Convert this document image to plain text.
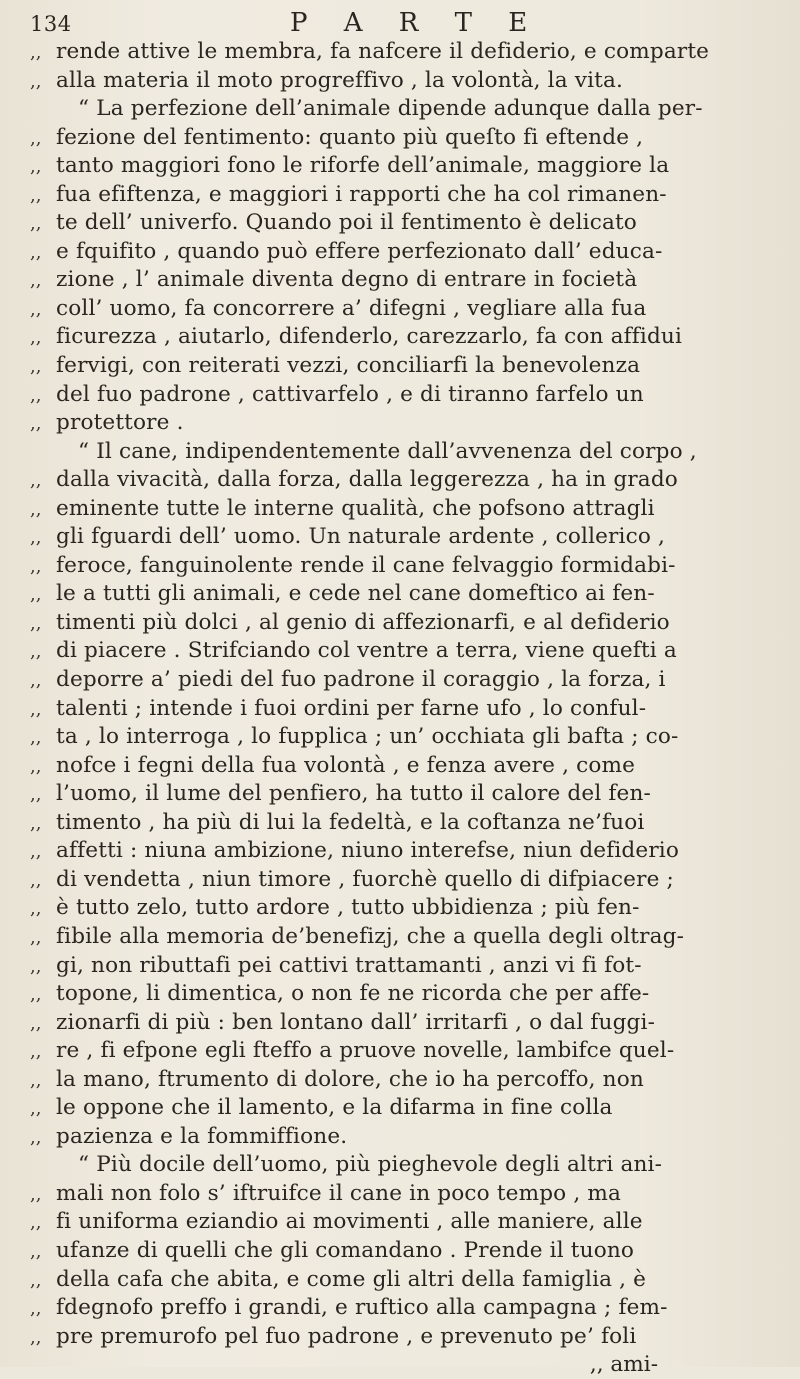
134	P A R T E
,, rende attive le membra, fa nafcere il defiderio, e comparte
,, alla materia il moto progreffivo , la volontà, la vita.
“ La perfezione dell’animale dipende adunque dalla per-
,, fezione del fentimento: quanto più queſto fi eftende ,
,, tanto maggiori fono le riforfe dell’animale, maggiore la
,, fua efiftenza, e maggiori i rapporti che ha col rimanen-
,, te dell’ univerfo. Quando poi il fentimento è delicato
,, e fquifito , quando può effere perfezionato dall’ educa-
,, zione , l’ animale diventa degno di entrare in focietà
,, coll’ uomo, fa concorrere a’ difegni , vegliare alla fua
,, ficurezza , aiutarlo, difenderlo, carezzarlo, fa con affidui
,, fervigi, con reiterati vezzi, conciliarfi la benevolenza
,, del fuo padrone , cattivarfelo , e di tiranno farfelo un
,, protettore .
“ Il cane, indipendentemente dall’avvenenza del corpo ,
,, dalla vivacità, dalla forza, dalla leggerezza , ha in grado
,, eminente tutte le interne qualità, che pofsono attragli
,, gli fguardi dell’ uomo. Un naturale ardente , collerico ,
,, feroce, fanguinolente rende il cane felvaggio formidabi-
,, le a tutti gli animali, e cede nel cane domeftico ai fen-
,, timenti più dolci , al genio di affezionarfi, e al defiderio
,, di piacere . Strifciando col ventre a terra, viene quefti a
,, deporre a’ piedi del fuo padrone il coraggio , la forza, i
,, talenti ; intende i fuoi ordini per farne ufo , lo conful-
,, ta , lo interroga , lo fupplica ; un’ occhiata gli bafta ; co-
,, nofce i fegni della fua volontà , e fenza avere , come
,, l’uomo, il lume del penfiero, ha tutto il calore del fen-
,, timento , ha più di lui la fedeltà, e la coftanza ne’fuoi
,, affetti : niuna ambizione, niuno interefse, niun defiderio
,, di vendetta , niun timore , fuorchè quello di difpiacere ;
,, è tutto zelo, tutto ardore , tutto ubbidienza ; più fen-
,, fibile alla memoria de’benefizj, che a quella degli oltrag-
,, gi, non ributtafi pei cattivi trattamanti , anzi vi fi fot-
,, topone, li dimentica, o non fe ne ricorda che per affe-
,, zionarfi di più : ben lontano dall’ irritarfi , o dal fuggi-
,, re , fi efpone egli fteffo a pruove novelle, lambifce quel-
,, la mano, ftrumento di dolore, che io ha percoffo, non
,, le oppone che il lamento, e la difarma in fine colla
,, pazienza e la fommiffione.
“ Più docile dell’uomo, più pieghevole degli altri ani-
,, mali non folo s’ iftruifce il cane in poco tempo , ma
,, fi uniforma eziandio ai movimenti , alle maniere, alle
,, ufanze di quelli che gli comandano . Prende il tuono
,, della cafa che abita, e come gli altri della famiglia , è
,, fdegnofo preffo i grandi, e ruftico alla campagna ; fem-
,, pre premurofo pel fuo padrone , e prevenuto pe’ foli
,, ami-
